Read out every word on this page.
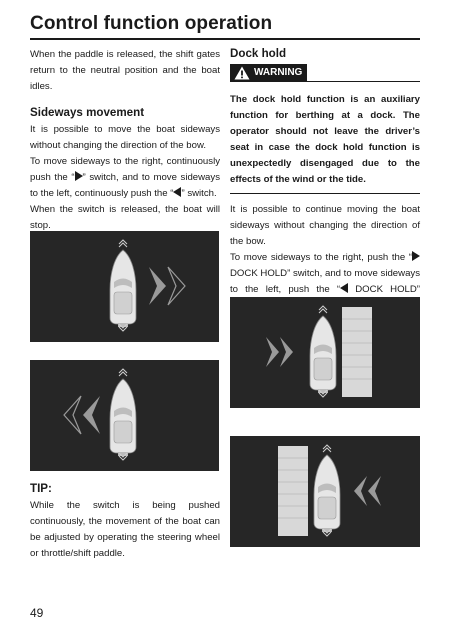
Control function operation

When the paddle is released, the shift gates return to the neutral position and the boat idles.

Sideways movement

It is possible to move the boat sideways without changing the direction of the bow.

To move sideways to the right, continuously push the “ ” switch, and to move sideways to the left, continuously push the “ ” switch.

When the switch is released, the boat will stop.

Dock hold

WARNING

The dock hold function is an auxiliary function for berthing at a dock. The operator should not leave the driver’s seat in case the dock hold function is unexpectedly disengaged due to the effects of the wind or the tide.

It is possible to continue moving the boat sideways without changing the direction of the bow.

To move sideways to the right, push the “ DOCK HOLD” switch, and to move sideways to the left, push the “ DOCK HOLD”

TIP:

While the switch is being pushed continuously, the movement of the boat can be adjusted by operating the steering wheel or throttle/shift paddle.

49
